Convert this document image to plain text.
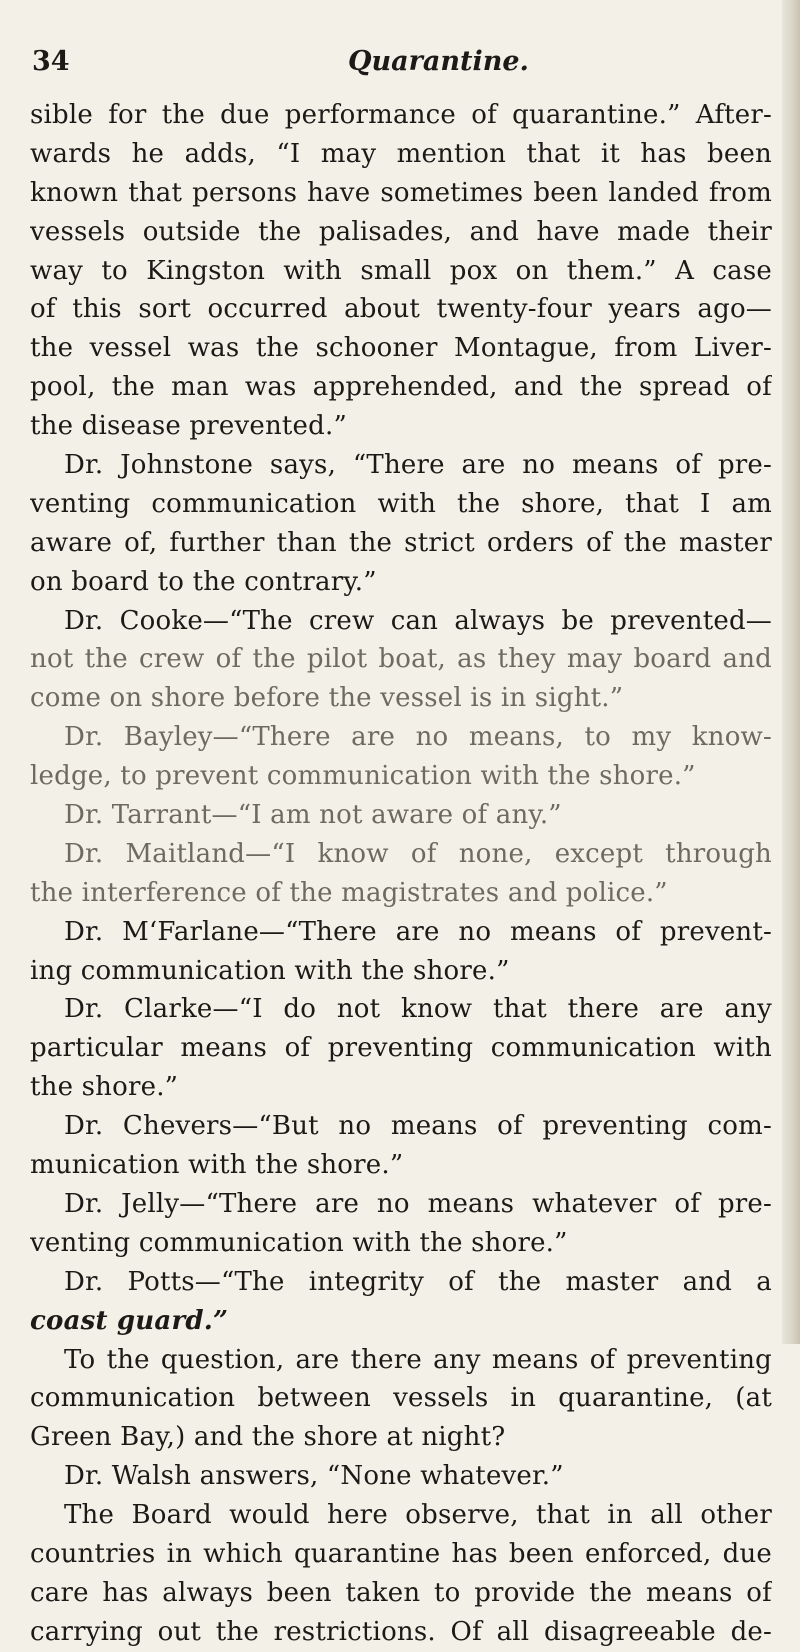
34	Quarantine.
sible for the due performance of quarantine.” After-
wards he adds, “I may mention that it has been
known that persons have sometimes been landed from
vessels outside the palisades, and have made their
way to Kingston with small pox on them.” A case
of this sort occurred about twenty-four years ago—
the vessel was the schooner Montague, from Liver-
pool, the man was apprehended, and the spread of
the disease prevented.”
Dr. Johnstone says, “There are no means of pre-
venting communication with the shore, that I am
aware of, further than the strict orders of the master
on board to the contrary.”
Dr. Cooke—“The crew can always be prevented—
not the crew of the pilot boat, as they may board and
come on shore before the vessel is in sight.”
Dr. Bayley—“There are no means, to my know-
ledge, to prevent communication with the shore.”
Dr. Tarrant—“I am not aware of any.”
Dr. Maitland—“I know of none, except through
the interference of the magistrates and police.”
Dr. M‘Farlane—“There are no means of prevent-
ing communication with the shore.”
Dr. Clarke—“I do not know that there are any
particular means of preventing communication with
the shore.”
Dr. Chevers—“But no means of preventing com-
munication with the shore.”
Dr. Jelly—“There are no means whatever of pre-
venting communication with the shore.”
Dr. Potts—“The integrity of the master and a
coast guard.”
To the question, are there any means of preventing
communication between vessels in quarantine, (at
Green Bay,) and the shore at night?
Dr. Walsh answers, “None whatever.”
The Board would here observe, that in all other
countries in which quarantine has been enforced, due
care has always been taken to provide the means of
carrying out the restrictions. Of all disagreeable de-
